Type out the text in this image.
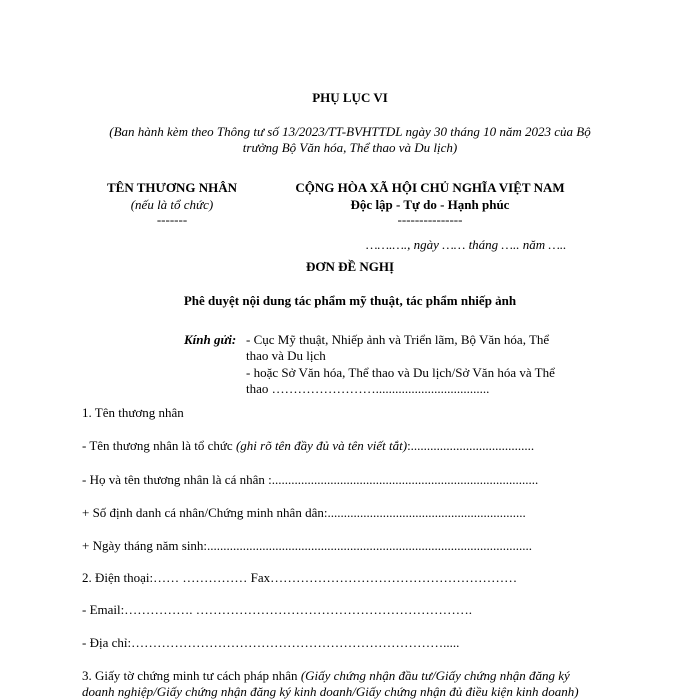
PHỤ LỤC VI
(Ban hành kèm theo Thông tư số 13/2023/TT-BVHTTDL ngày 30 tháng 10 năm 2023 của Bộ
trưởng Bộ Văn hóa, Thể thao và Du lịch)
TÊN THƯƠNG NHÂN
(nếu là tổ chức)
-------
CỘNG HÒA XÃ HỘI CHỦ NGHĨA VIỆT NAM
Độc lập - Tự do - Hạnh phúc
---------------
…….…., ngày …… tháng ….. năm …..
ĐƠN ĐỀ NGHỊ
Phê duyệt nội dung tác phẩm mỹ thuật, tác phẩm nhiếp ảnh
Kính gửi: - Cục Mỹ thuật, Nhiếp ảnh và Triển lãm, Bộ Văn hóa, Thể
thao và Du lịch
- hoặc Sở Văn hóa, Thể thao và Du lịch/Sở Văn hóa và Thể
thao ……………………...................................
1. Tên thương nhân
- Tên thương nhân là tổ chức (ghi rõ tên đầy đủ và tên viết tắt):......................................
- Họ và tên thương nhân là cá nhân :..................................................................................
+ Số định danh cá nhân/Chứng minh nhân dân:.............................................................
+ Ngày tháng năm sinh:....................................................................................................
2. Điện thoại:…… …………… Fax…………………………………………………
- Email:……………. ……………………………………………………….
- Địa chỉ:……………………………………………………………….....
3. Giấy tờ chứng minh tư cách pháp nhân (Giấy chứng nhận đầu tư/Giấy chứng nhận đăng ký
doanh nghiệp/Giấy chứng nhận đăng ký kinh doanh/Giấy chứng nhận đủ điều kiện kinh doanh)
